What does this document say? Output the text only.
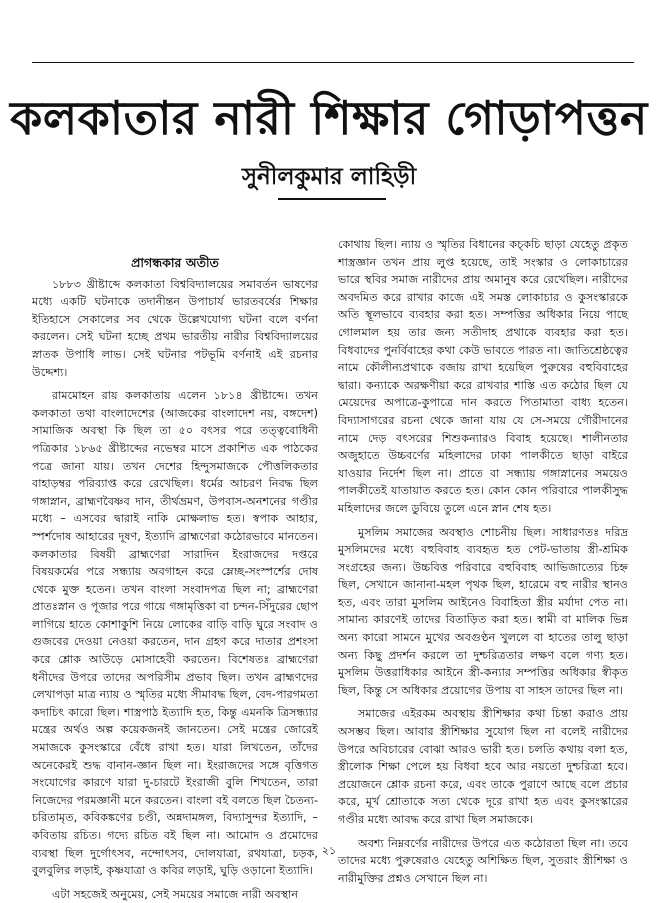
কলকাতার নারী শিক্ষার গোড়াপত্তন
সুনীলকুমার লাহিড়ী
প্রাগন্ধকার অতীত

১৮৮৩ খ্রীষ্টাব্দে কলকাতা বিশ্ববিদ্যালয়ের সমাবর্তন ভাষণের মধ্যে একটি ঘটনাকে তদানীন্তন উপাচার্য ভারতবর্ষের শিক্ষার ইতিহাসে সেকালের সব থেকে উল্লেখযোগ্য ঘটনা বলে বর্ণনা করলেন। সেই ঘটনা হচ্ছে প্রথম ভারতীয় নারীর বিশ্ববিদ্যালয়ের স্নাতক উপাধি লাভ। সেই ঘটনার পটভূমি বর্ণনাই এই রচনার উদ্দেশ্য।

রামমোহন রায় কলকাতায় এলেন ১৮১৪ খ্রীষ্টাব্দে। তখন কলকাতা তথা বাংলাদেশের (আজকের বাংলাদেশ নয়, বঙ্গদেশ) সামাজিক অবস্থা কি ছিল তা ৫০ বৎসর পরে তত্ত্ববোধিনী পত্রিকার ১৮৬৫ খ্রীষ্টাব্দের নভেম্বর মাসে প্রকাশিত এক পাঠকের পত্রে জানা যায়। তখন দেশের হিন্দুসমাজকে পৌত্তলিকতার বাহাড়ম্বর পরিব্যাপ্ত করে রেখেছিল। ধর্মের আচরণ নিবদ্ধ ছিল গঙ্গাস্নান, ব্রাহ্মণবৈষ্ণব দান, তীর্থভ্রমণ, উপবাস-অনশনের গণ্ডীর মধ্যে – এসবের দ্বারাই নাকি মোক্ষলাভ হত। স্বপাক আহার, স্পর্শদোষ আহারের দূষণ, ইত্যাদি ব্রাহ্মণেরা কঠোরভাবে মানতেন। কলকাতার বিষয়ী ব্রাহ্মণেরা সারাদিন ইংরাজদের দপ্তরে বিষয়কর্মের পরে সন্ধ্যায় অবগাহন করে ম্লেচ্ছ-সংস্পর্শের দোষ থেকে মুক্ত হতেন। তখন বাংলা সংবাদপত্র ছিল না; ব্রাহ্মণেরা প্রাতঃস্নান ও পূজার পরে গায়ে গঙ্গামৃত্তিকা বা চন্দন-সিঁদুরের ছোপ লাগিয়ে হাতে কোশাকুশি নিয়ে লোকের বাড়ি বাড়ি ঘুরে সংবাদ ও গুজবের দেওয়া নেওয়া করতেন, দান গ্রহণ করে দাতার প্রশংসা করে শ্লোক আউড়ে মোসাহেবী করতেন। বিশেষতঃ ব্রাহ্মণেরা ধনীদের উপরে তাদের অপরিসীম প্রভাব ছিল। তখন ব্রাহ্মণদের লেখাপড়া মাত্র ন্যায় ও স্মৃতির মধ্যে সীমাবদ্ধ ছিল, বেদ-পারগমতা কদাচিৎ কারো ছিল। শাস্ত্রপাঠ ইত্যাদি হত, কিন্তু এমনকি ত্রিসন্ধ্যার মন্ত্রের অর্থও অল্প কয়েকজনই জানতেন। সেই মন্ত্রের জোরেই সমাজকে কুসংস্কারে বেঁধে রাখা হত। যারা লিখতেন, তাঁদের অনেকেরই শুদ্ধ বানান-জ্ঞান ছিল না। ইংরাজদের সঙ্গে বৃত্তিগত সংযোগের কারণে যারা দু-চারটে ইংরাজী বুলি শিখতেন, তারা নিজেদের পরমজ্ঞানী মনে করতেন। বাংলা বই বলতে ছিল চৈতন্য-চরিতামৃত, কবিকঙ্কণের চণ্ডী, অন্নদামঙ্গল, বিদ্যাসুন্দর ইত্যাদি, – কবিতায় রচিত। গদ্যে রচিত বই ছিল না। আমোদ ও প্রমোদের ব্যবস্থা ছিল দুর্গোৎসব, নন্দোৎসব, দোলযাত্রা, রথযাত্রা, চড়ক, বুলবুলির লড়াই, কৃষ্ণযাত্রা ও কবির লড়াই, ঘুড়ি ওড়ানো ইত্যাদি।

এটা সহজেই অনুমেয়, সেই সময়ের সমাজে নারী অবস্থান

কোথায় ছিল। ন্যায় ও স্মৃতির বিধানের কচ্কচি ছাড়া যেহেতু প্রকৃত শাস্ত্রজ্ঞান তখন প্রায় লুপ্ত হয়েছে, তাই সংস্কার ও লোকাচারের ভারে স্থবির সমাজ নারীদের প্রায় অমানুষ করে রেখেছিল। নারীদের অবদমিত করে রাখার কাজে এই সমস্ত লোকাচার ও কুসংস্কারকে অতি স্থূলভাবে ব্যবহার করা হত। সম্পত্তির অধিকার নিয়ে পাছে গোলমাল হয় তার জন্য সতীদাহ প্রথাকে ব্যবহার করা হত। বিধবাদের পুনর্বিবাহের কথা কেউ ভাবতে পারত না। জাতিশ্রেষ্ঠত্বের নামে কৌলীন্যপ্রথাকে বজায় রাখা হয়েছিল পুরুষের বহুবিবাহের দ্বারা। কন্যাকে অরক্ষণীয়া করে রাখবার শাস্তি এত কঠোর ছিল যে মেয়েদের অপাত্রে-কুপাত্রে দান করতে পিতামাতা বাধ্য হতেন। বিদ্যাসাগরের রচনা থেকে জানা যায় যে সে-সময়ে গৌরীদানের নামে দেড় বৎসরের শিশুকন্যারও বিবাহ হয়েছে। শালীনতার অজুহাতে উচ্চবর্ণের মহিলাদের ঢাকা পালকীতে ছাড়া বাইরে যাওয়ার নির্দেশ ছিল না। প্রাতে বা সন্ধ্যায় গঙ্গাস্নানের সময়েও পালকীতেই যাতায়াত করতে হত। কোন কোন পরিবারে পালকীসুদ্ধ মহিলাদের জলে ডুবিয়ে তুলে এনে স্নান শেষ হত।

মুসলিম সমাজের অবস্থাও শোচনীয় ছিল। সাধারণতঃ দরিদ্র মুসলিমদের মধ্যে বহুবিবাহ ব্যবহৃত হত পেট-ভাতায় স্ত্রী-শ্রমিক সংগ্রহের জন্য। উচ্চবিত্ত পরিবারে বহুবিবাহ আভিজাত্যের চিহ্ন ছিল, সেখানে জানানা-মহল পৃথক ছিল, হারেমে বহু নারীর স্থানও হত, এবং তারা মুসলিম আইনেও বিবাহিতা স্ত্রীর মর্যাদা পেত না। সামান্য কারণেই তাদের বিতাড়িত করা হত। স্বামী বা মালিক ভিন্ন অন্য কারো সামনে মুখের অবগুণ্ঠন খুললে বা হাতের তালু ছাড়া অন্য কিছু প্রদর্শন করলে তা দুশ্চরিত্রতার লক্ষণ বলে গণ্য হত। মুসলিম উত্তরাধিকার আইনে স্ত্রী-কন্যার সম্পত্তির অধিকার স্বীকৃত ছিল, কিন্তু সে অধিকার প্রয়োগের উপায় বা সাহস তাদের ছিল না।

সমাজের এইরকম অবস্থায় স্ত্রীশিক্ষার কথা চিন্তা করাও প্রায় অসম্ভব ছিল। আবার স্ত্রীশিক্ষার সুযোগ ছিল না বলেই নারীদের উপরে অবিচারের বোঝা আরও ভারী হত। চলতি কথায় বলা হত, স্ত্রীলোক শিক্ষা পেলে হয় বিধবা হবে আর নয়তো দুশ্চরিত্রা হবে। প্রয়োজনে শ্লোক রচনা করে, এবং তাকে পুরাণে আছে বলে প্রচার করে, মূর্খ শ্রোতাকে সত্য থেকে দূরে রাখা হত এবং কুসংস্কারের গণ্ডীর মধ্যে আবদ্ধ করে রাখা ছিল সমাজকে।

অবশ্য নিম্নবর্ণের নারীদের উপরে এত কঠোরতা ছিল না। তবে তাদের মধ্যে পুরুষেরাও যেহেতু অশিক্ষিত ছিল, সুতরাং স্ত্রীশিক্ষা ও নারীমুক্তির প্রশ্নও সেখানে ছিল না।

২১
